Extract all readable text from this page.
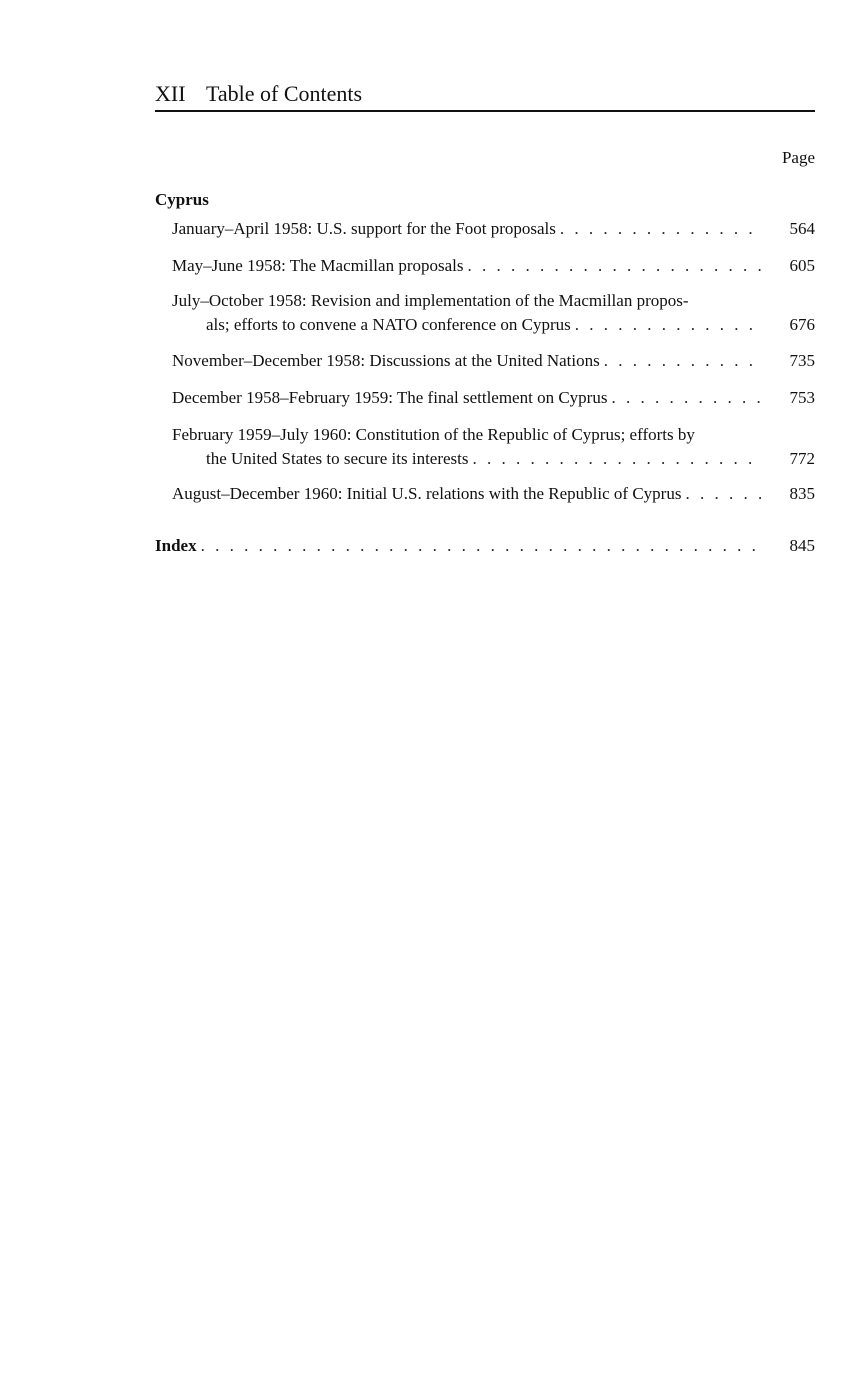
XII Table of Contents
Page
Cyprus
January–April 1958: U.S. support for the Foot proposals . . .	564
May–June 1958: The Macmillan proposals . . .	605
July–October 1958: Revision and implementation of the Macmillan propos-
als; efforts to convene a NATO conference on Cyprus . . .	676
November–December 1958: Discussions at the United Nations . . .	735
December 1958–February 1959: The final settlement on Cyprus . . .	753
February 1959–July 1960: Constitution of the Republic of Cyprus; efforts by
the United States to secure its interests . . .	772
August–December 1960: Initial U.S. relations with the Republic of Cyprus . . .	835
Index . . .	845
